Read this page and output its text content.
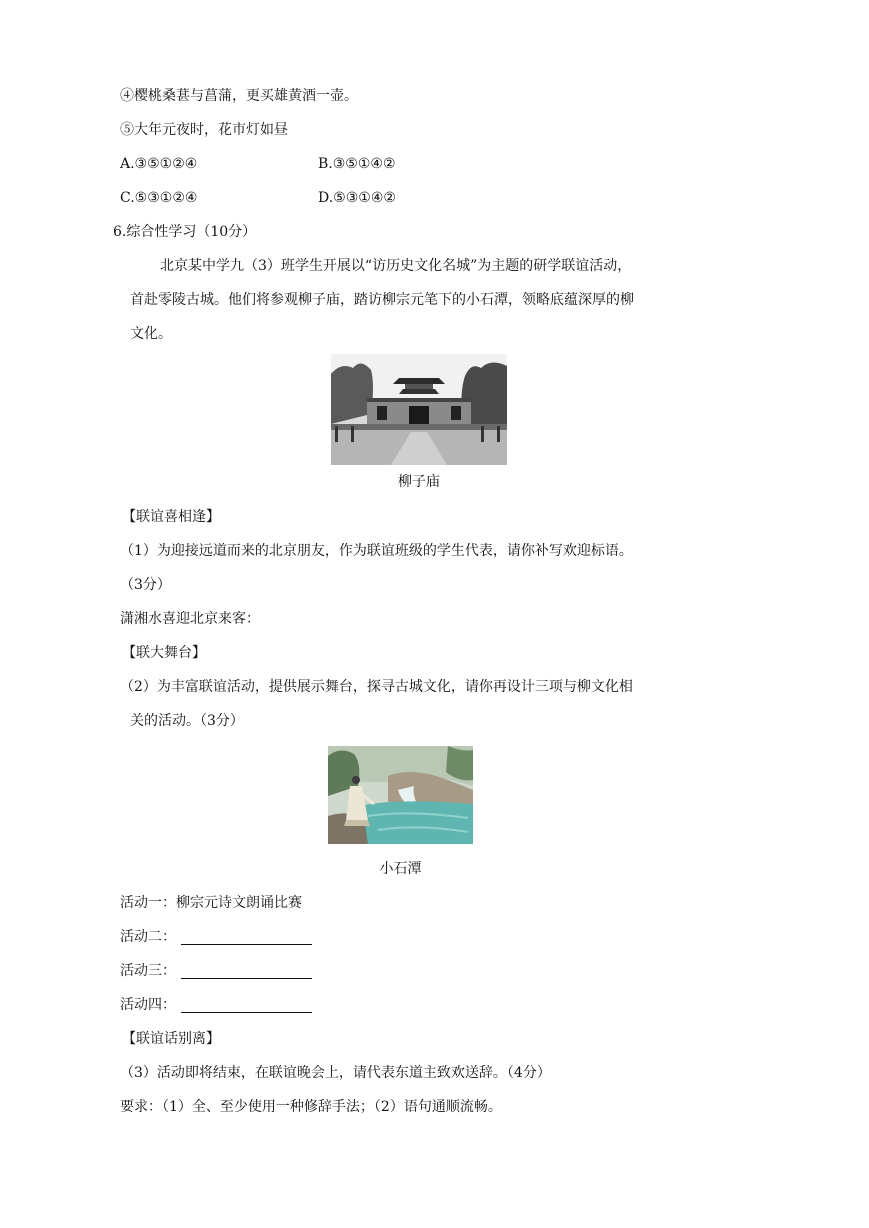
④樱桃桑葚与菖蒲，更买雄黄酒一壶。
⑤大年元夜时，花市灯如昼
A.③⑤①②④	B.③⑤①④②
C.⑤③①②④	D.⑤③①④②
6.综合性学习（10分）
北京某中学九（3）班学生开展以“访历史文化名城”为主题的研学联谊活动，
首赴零陵古城。他们将参观柳子庙，踏访柳宗元笔下的小石潭，领略底蕴深厚的柳
文化。
柳子庙
【联谊喜相逢】
（1）为迎接远道而来的北京朋友，作为联谊班级的学生代表，请你补写欢迎标语。
（3分）
潇湘水喜迎北京来客：
【联大舞台】
（2）为丰富联谊活动，提供展示舞台，探寻古城文化，请你再设计三项与柳文化相
关的活动。（3分）
小石潭
活动一：柳宗元诗文朗诵比赛
活动二：
活动三：
活动四：
【联谊话别离】
（3）活动即将结束，在联谊晚会上，请代表东道主致欢送辞。（4分）
要求：（1）全、至少使用一种修辞手法；（2）语句通顺流畅。
